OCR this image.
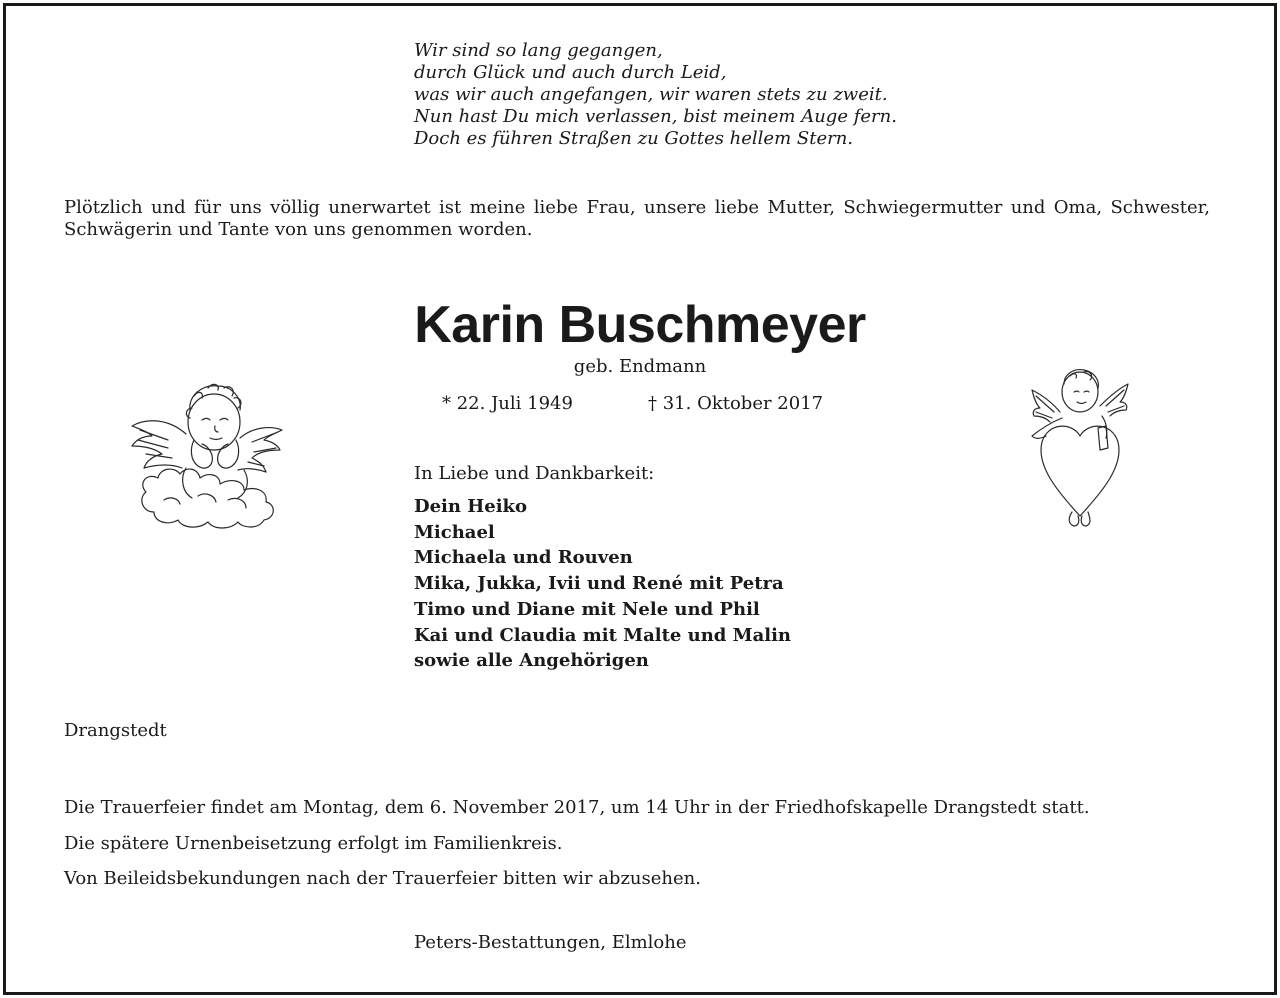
Wir sind so lang gegangen,
durch Glück und auch durch Leid,
was wir auch angefangen, wir waren stets zu zweit.
Nun hast Du mich verlassen, bist meinem Auge fern.
Doch es führen Straßen zu Gottes hellem Stern.
Plötzlich und für uns völlig unerwartet ist meine liebe Frau, unsere liebe Mutter, Schwiegermutter und Oma, Schwester, Schwägerin und Tante von uns genommen worden.
Karin Buschmeyer
geb. Endmann
* 22. Juli 1949	† 31. Oktober 2017
In Liebe und Dankbarkeit:
Dein Heiko
Michael
Michaela und Rouven
Mika, Jukka, Ivii und René mit Petra
Timo und Diane mit Nele und Phil
Kai und Claudia mit Malte und Malin
sowie alle Angehörigen
Drangstedt
Die Trauerfeier findet am Montag, dem 6. November 2017, um 14 Uhr in der Friedhofskapelle Drangstedt statt.
Die spätere Urnenbeisetzung erfolgt im Familienkreis.
Von Beileidsbekundungen nach der Trauerfeier bitten wir abzusehen.
Peters-Bestattungen, Elmlohe
